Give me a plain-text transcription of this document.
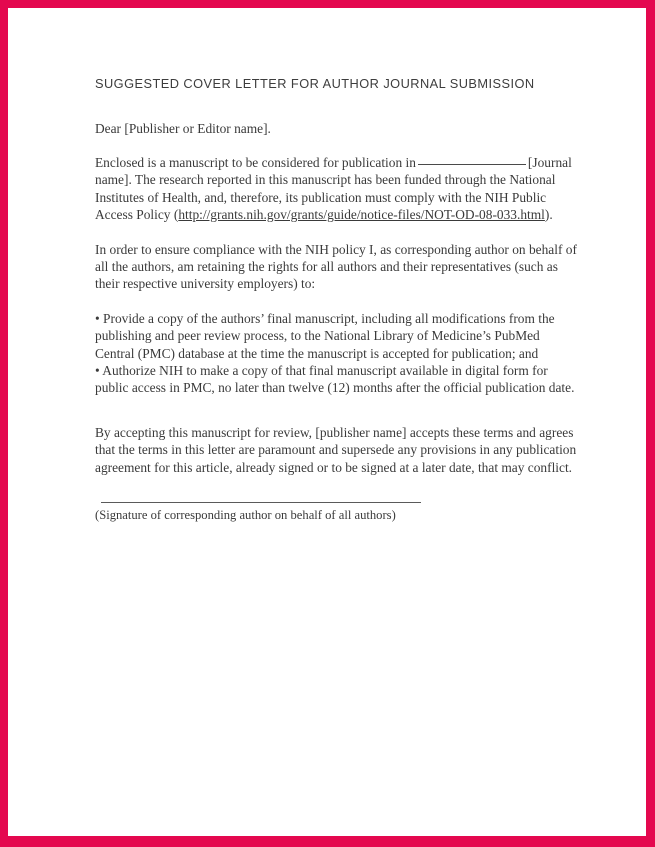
SUGGESTED COVER LETTER FOR AUTHOR JOURNAL SUBMISSION

Dear [Publisher or Editor name].

Enclosed is a manuscript to be considered for publication in	[Journal name]. The research reported in this manuscript has been funded through the National Institutes of Health, and, therefore, its publication must comply with the NIH Public Access Policy (http://grants.nih.gov/grants/guide/notice-files/NOT-OD-08-033.html).

In order to ensure compliance with the NIH policy I, as corresponding author on behalf of all the authors, am retaining the rights for all authors and their representatives (such as their respective university employers) to:

• Provide a copy of the authors’ final manuscript, including all modifications from the publishing and peer review process, to the National Library of Medicine’s PubMed Central (PMC) database at the time the manuscript is accepted for publication; and

• Authorize NIH to make a copy of that final manuscript available in digital form for public access in PMC, no later than twelve (12) months after the official publication date.

By accepting this manuscript for review, [publisher name] accepts these terms and agrees that the terms in this letter are paramount and supersede any provisions in any publication agreement for this article, already signed or to be signed at a later date, that may conflict.

(Signature of corresponding author on behalf of all authors)
